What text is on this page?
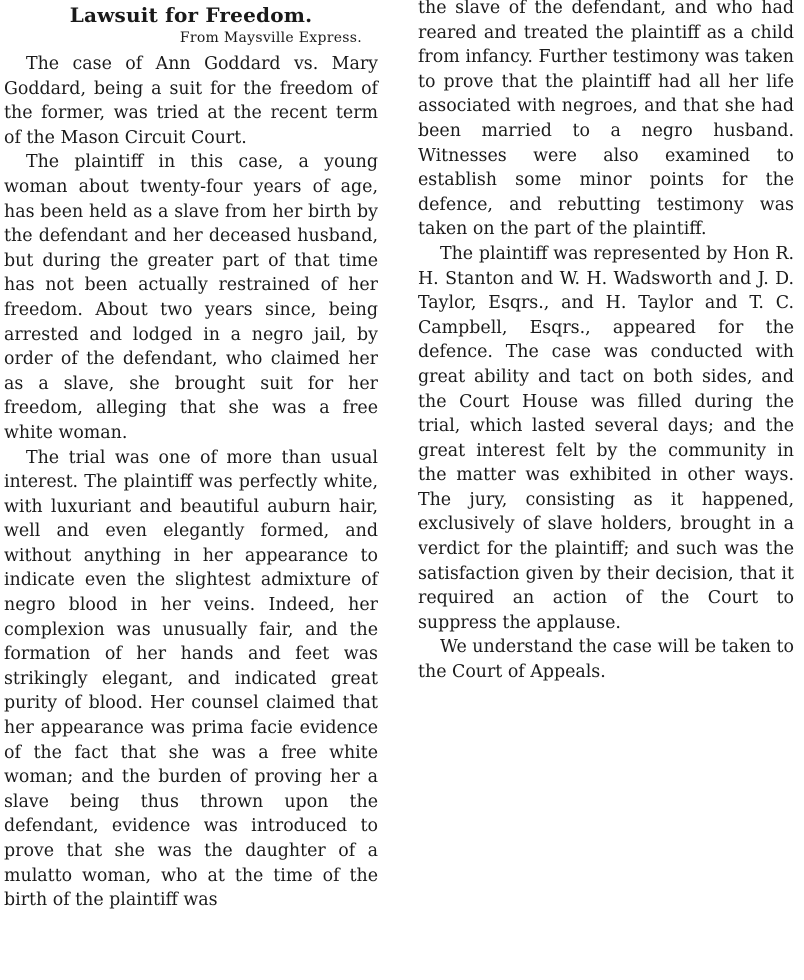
Lawsuit for Freedom.
From Maysville Express.

The case of Ann Goddard vs. Mary Goddard, being a suit for the freedom of the former, was tried at the recent term of the Mason Circuit Court.

The plaintiff in this case, a young woman about twenty-four years of age, has been held as a slave from her birth by the defendant and her deceased husband, but during the greater part of that time has not been actually restrained of her freedom. About two years since, being arrested and lodged in a negro jail, by order of the defendant, who claimed her as a slave, she brought suit for her freedom, alleging that she was a free white woman.

The trial was one of more than usual interest. The plaintiff was perfectly white, with luxuriant and beautiful auburn hair, well and even elegantly formed, and without anything in her appearance to indicate even the slightest admixture of negro blood in her veins. Indeed, her complexion was unusually fair, and the formation of her hands and feet was strikingly elegant, and indicated great purity of blood. Her counsel claimed that her appearance was prima facie evidence of the fact that she was a free white woman; and the burden of proving her a slave being thus thrown upon the defendant, evidence was introduced to prove that she was the daughter of a mulatto woman, who at the time of the birth of the plaintiff was

the slave of the defendant, and who had reared and treated the plaintiff as a child from infancy. Further testimony was taken to prove that the plaintiff had all her life associated with negroes, and that she had been married to a negro husband. Witnesses were also examined to establish some minor points for the defence, and rebutting testimony was taken on the part of the plaintiff.

The plaintiff was represented by Hon R. H. Stanton and W. H. Wadsworth and J. D. Taylor, Esqrs., and H. Taylor and T. C. Campbell, Esqrs., appeared for the defence. The case was conducted with great ability and tact on both sides, and the Court House was filled during the trial, which lasted several days; and the great interest felt by the community in the matter was exhibited in other ways. The jury, consisting as it happened, exclusively of slave holders, brought in a verdict for the plaintiff; and such was the satisfaction given by their decision, that it required an action of the Court to suppress the applause.

We understand the case will be taken to the Court of Appeals.
